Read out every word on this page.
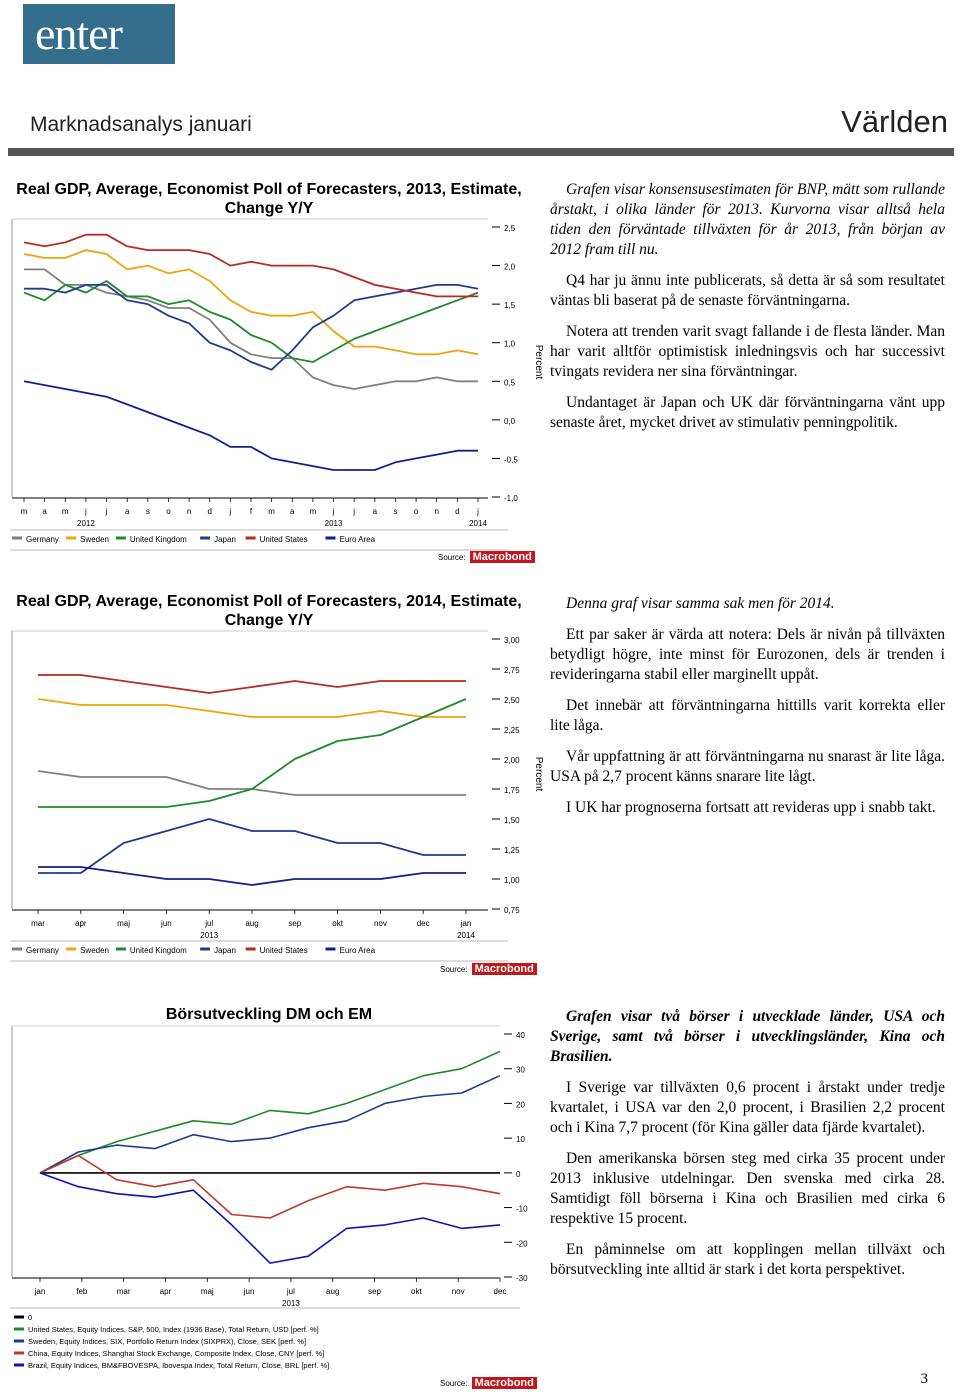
enter
Marknadsanalys januari	Världen
Real GDP, Average, Economist Poll of Forecasters, 2013, Estimate, Change Y/Y
2,5
2,0
1,5
1,0
0,5
0,0
-0,5
-1,0
Percent
m a m j j a s o n d j f m a m j j a s o n d j
2012	2013	2014
Germany	Sweden	United Kingdom	Japan	United States	Euro Area
Source: Macrobond

Grafen visar konsensusestimaten för BNP, mätt som rullande årstakt, i olika länder för 2013. Kurvorna visar alltså hela tiden den förväntade tillväxten för år 2013, från början av 2012 fram till nu.

Q4 har ju ännu inte publicerats, så detta är så som resultatet väntas bli baserat på de senaste förväntningarna.

Notera att trenden varit svagt fallande i de flesta länder. Man har varit alltför optimistisk inledningsvis och har successivt tvingats revidera ner sina förväntningar.

Undantaget är Japan och UK där förväntningarna vänt upp senaste året, mycket drivet av stimulativ penningpolitik.

Real GDP, Average, Economist Poll of Forecasters, 2014, Estimate, Change Y/Y
3,00
2,75
2,50
2,25
2,00
1,75
1,50
1,25
1,00
0,75
Percent
mar	apr	maj	jun	jul	aug	sep	okt	nov	dec	jan
2013	2014
Germany	Sweden	United Kingdom	Japan	United States	Euro Area
Source: Macrobond

Denna graf visar samma sak men för 2014.

Ett par saker är värda att notera: Dels är nivån på tillväxten betydligt högre, inte minst för Eurozonen, dels är trenden i revideringarna stabil eller marginellt uppåt.

Det innebär att förväntningarna hittills varit korrekta eller lite låga.

Vår uppfattning är att förväntningarna nu snarast är lite låga. USA på 2,7 procent känns snarare lite lågt.

I UK har prognoserna fortsatt att revideras upp i snabb takt.

Börsutveckling DM och EM
40
30
20
10
0
-10
-20
-30
jan	feb	mar	apr	maj	jun	jul	aug	sep	okt	nov	dec
2013
0
United States, Equity Indices, S&P, 500, Index (1936 Base), Total Return, USD [perf. %]
Sweden, Equity Indices, SIX, Portfolio Return Index (SIXPRX), Close, SEK [perf. %]
China, Equity Indices, Shanghai Stock Exchange, Composite Index, Close, CNY [perf. %]
Brazil, Equity Indices, BM&FBOVESPA, Ibovespa Index, Total Return, Close, BRL [perf. %]
Source: Macrobond

Grafen visar två börser i utvecklade länder, USA och Sverige, samt två börser i utvecklingsländer, Kina och Brasilien.

I Sverige var tillväxten 0,6 procent i årstakt under tredje kvartalet, i USA var den 2,0 procent, i Brasilien 2,2 procent och i Kina 7,7 procent (för Kina gäller data fjärde kvartalet).

Den amerikanska börsen steg med cirka 35 procent under 2013 inklusive utdelningar. Den svenska med cirka 28. Samtidigt föll börserna i Kina och Brasilien med cirka 6 respektive 15 procent.

En påminnelse om att kopplingen mellan tillväxt och börsutveckling inte alltid är stark i det korta perspektivet.

3
